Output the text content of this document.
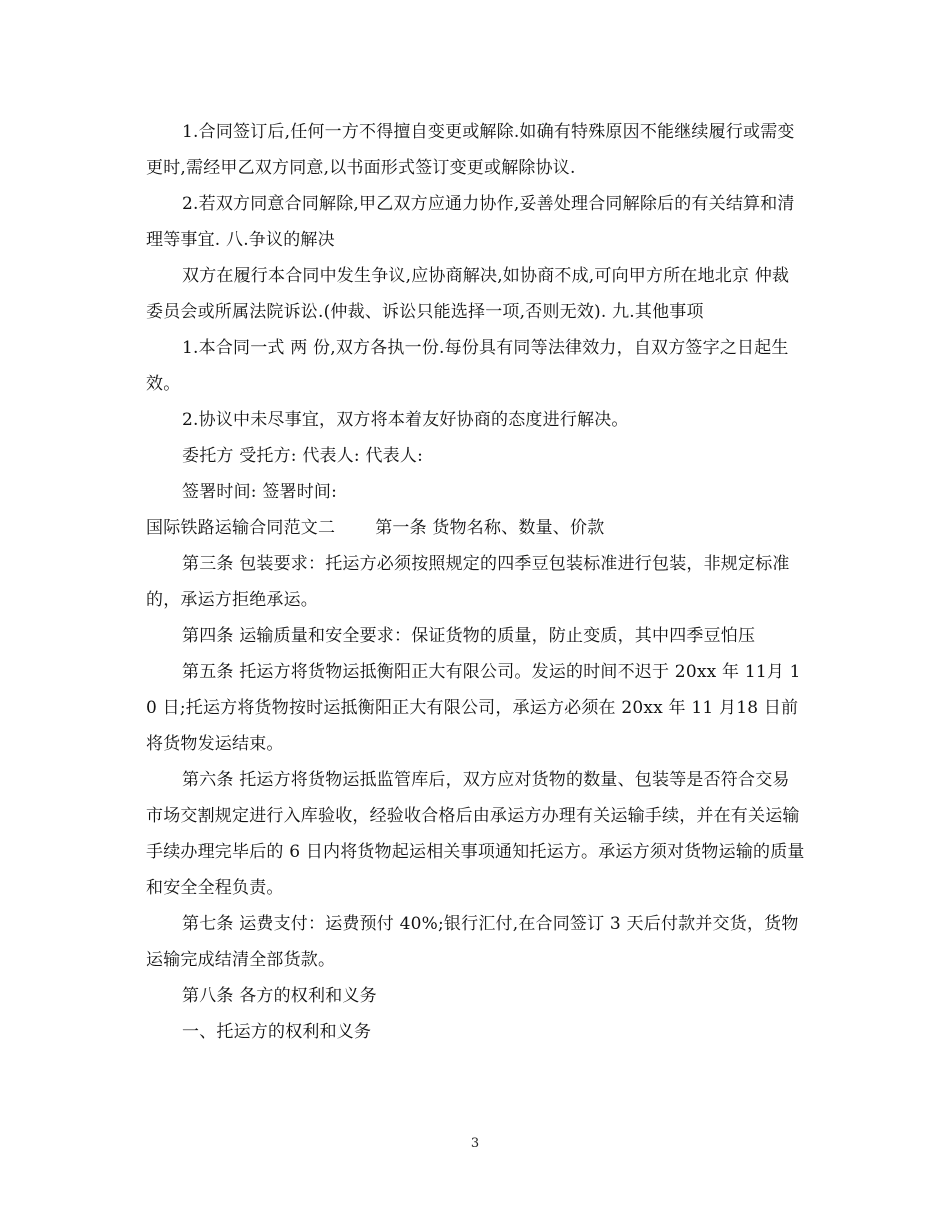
1.合同签订后,任何一方不得擅自变更或解除.如确有特殊原因不能继续履行或需变更时,需经甲乙双方同意,以书面形式签订变更或解除协议.

2.若双方同意合同解除,甲乙双方应通力协作,妥善处理合同解除后的有关结算和清理等事宜. 八.争议的解决

双方在履行本合同中发生争议,应协商解决,如协商不成,可向甲方所在地北京 仲裁委员会或所属法院诉讼.(仲裁、诉讼只能选择一项,否则无效). 九.其他事项

1.本合同一式 两 份,双方各执一份.每份具有同等法律效力，自双方签字之日起生效。

2.协议中未尽事宜，双方将本着友好协商的态度进行解决。

委托方 受托方: 代表人: 代表人:

签署时间: 签署时间:

国际铁路运输合同范文二 第一条 货物名称、数量、价款

第三条 包装要求：托运方必须按照规定的四季豆包装标准进行包装，非规定标准的，承运方拒绝承运。

第四条 运输质量和安全要求：保证货物的质量，防止变质，其中四季豆怕压

第五条 托运方将货物运抵衡阳正大有限公司。发运的时间不迟于 20xx 年 11月 10 日;托运方将货物按时运抵衡阳正大有限公司，承运方必须在 20xx 年 11 月18 日前将货物发运结束。

第六条 托运方将货物运抵监管库后，双方应对货物的数量、包装等是否符合交易市场交割规定进行入库验收，经验收合格后由承运方办理有关运输手续，并在有关运输手续办理完毕后的 6 日内将货物起运相关事项通知托运方。承运方须对货物运输的质量和安全全程负责。

第七条 运费支付：运费预付 40%;银行汇付,在合同签订 3 天后付款并交货，货物运输完成结清全部货款。

第八条 各方的权利和义务

一、托运方的权利和义务

3
